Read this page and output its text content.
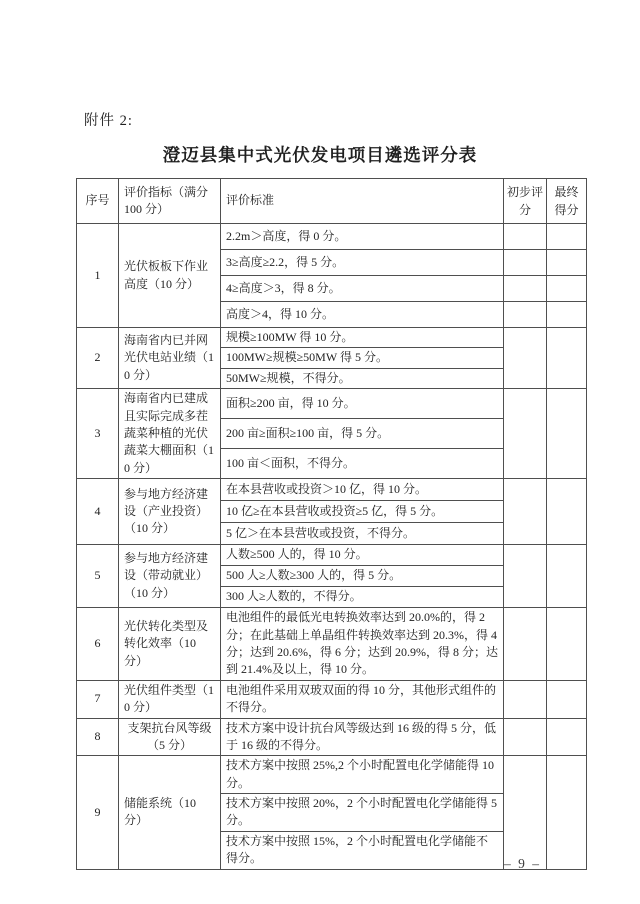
附件 2:
澄迈县集中式光伏发电项目遴选评分表
序号	评价指标（满分 100 分）	评价标准	初步评分	最终得分
1	光伏板板下作业高度（10 分）	2.2m＞高度，得 0 分。		
		3≥高度≥2.2，得 5 分。		
		4≥高度＞3，得 8 分。		
		高度＞4，得 10 分。		
2	海南省内已并网光伏电站业绩（10 分）	规模≥100MW 得 10 分。		
		100MW≥规模≥50MW 得 5 分。		
		50MW≥规模，不得分。		
3	海南省内已建成且实际完成多茬蔬菜种植的光伏蔬菜大棚面积（10 分）	面积≥200 亩，得 10 分。		
		200 亩≥面积≥100 亩，得 5 分。		
		100 亩＜面积，不得分。		
4	参与地方经济建设（产业投资）（10 分）	在本县营收或投资＞10 亿，得 10 分。		
		10 亿≥在本县营收或投资≥5 亿，得 5 分。		
		5 亿＞在本县营收或投资，不得分。		
5	参与地方经济建设（带动就业）（10 分）	人数≥500 人的，得 10 分。		
		500 人≥人数≥300 人的，得 5 分。		
		300 人≥人数的，不得分。		
6	光伏转化类型及转化效率（10 分）	电池组件的最低光电转换效率达到 20.0%的，得 2 分；在此基础上单晶组件转换效率达到 20.3%，得 4 分；达到 20.6%，得 6 分；达到 20.9%，得 8 分；达到 21.4%及以上，得 10 分。		
7	光伏组件类型（10 分）	电池组件采用双玻双面的得 10 分，其他形式组件的不得分。		
8	支架抗台风等级（5 分）	技术方案中设计抗台风等级达到 16 级的得 5 分，低于 16 级的不得分。		
9	储能系统（10 分）	技术方案中按照 25%,2 个小时配置电化学储能得 10 分。		
		技术方案中按照 20%，2 个小时配置电化学储能得 5 分。		
		技术方案中按照 15%，2 个小时配置电化学储能不得分。			– 9 –
